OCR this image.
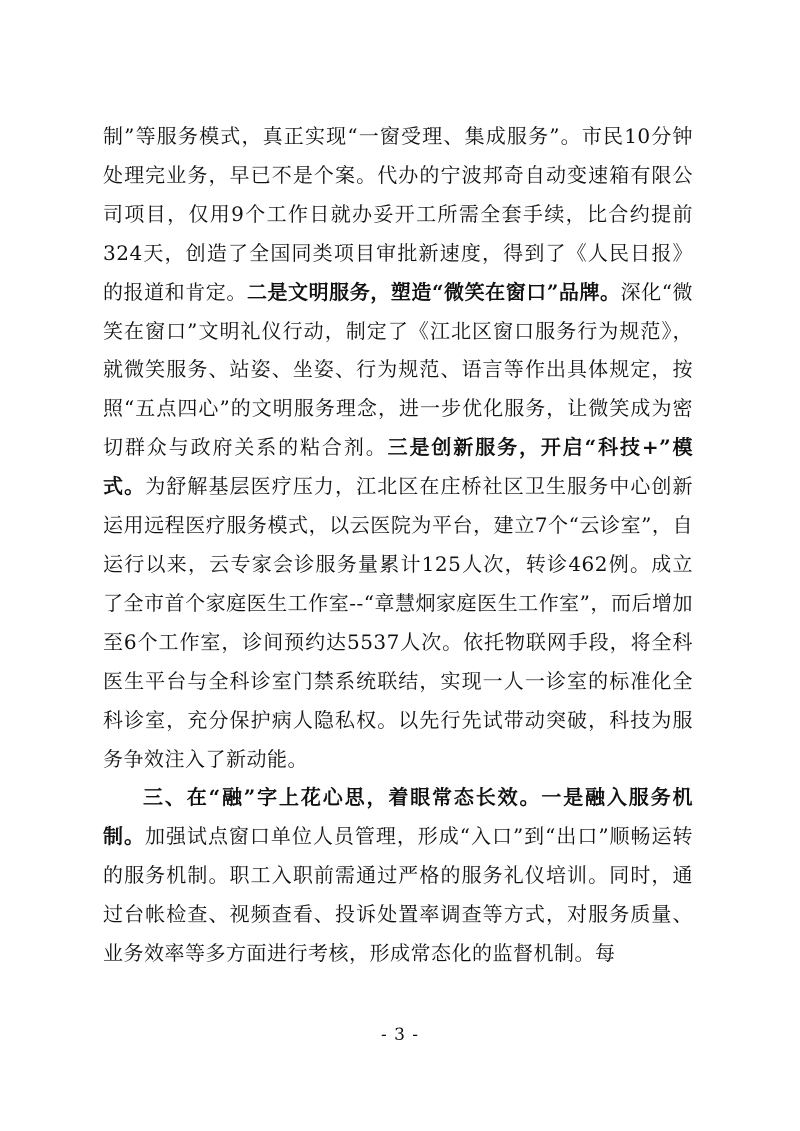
制”等服务模式，真正实现“一窗受理、集成服务”。市民10分钟处理完业务，早已不是个案。代办的宁波邦奇自动变速箱有限公司项目，仅用9个工作日就办妥开工所需全套手续，比合约提前324天，创造了全国同类项目审批新速度，得到了《人民日报》的报道和肯定。二是文明服务，塑造“微笑在窗口”品牌。深化“微笑在窗口”文明礼仪行动，制定了《江北区窗口服务行为规范》，就微笑服务、站姿、坐姿、行为规范、语言等作出具体规定，按照“五点四心”的文明服务理念，进一步优化服务，让微笑成为密切群众与政府关系的粘合剂。三是创新服务，开启“科技+”模式。为舒解基层医疗压力，江北区在庄桥社区卫生服务中心创新运用远程医疗服务模式，以云医院为平台，建立7个“云诊室”，自运行以来，云专家会诊服务量累计125人次，转诊462例。成立了全市首个家庭医生工作室--“章慧炯家庭医生工作室”，而后增加至6个工作室，诊间预约达5537人次。依托物联网手段，将全科医生平台与全科诊室门禁系统联结，实现一人一诊室的标准化全科诊室，充分保护病人隐私权。以先行先试带动突破，科技为服务争效注入了新动能。

三、在“融”字上花心思，着眼常态长效。一是融入服务机制。加强试点窗口单位人员管理，形成“入口”到“出口”顺畅运转的服务机制。职工入职前需通过严格的服务礼仪培训。同时，通过台帐检查、视频查看、投诉处置率调查等方式，对服务质量、业务效率等多方面进行考核，形成常态化的监督机制。每

- 3 -
